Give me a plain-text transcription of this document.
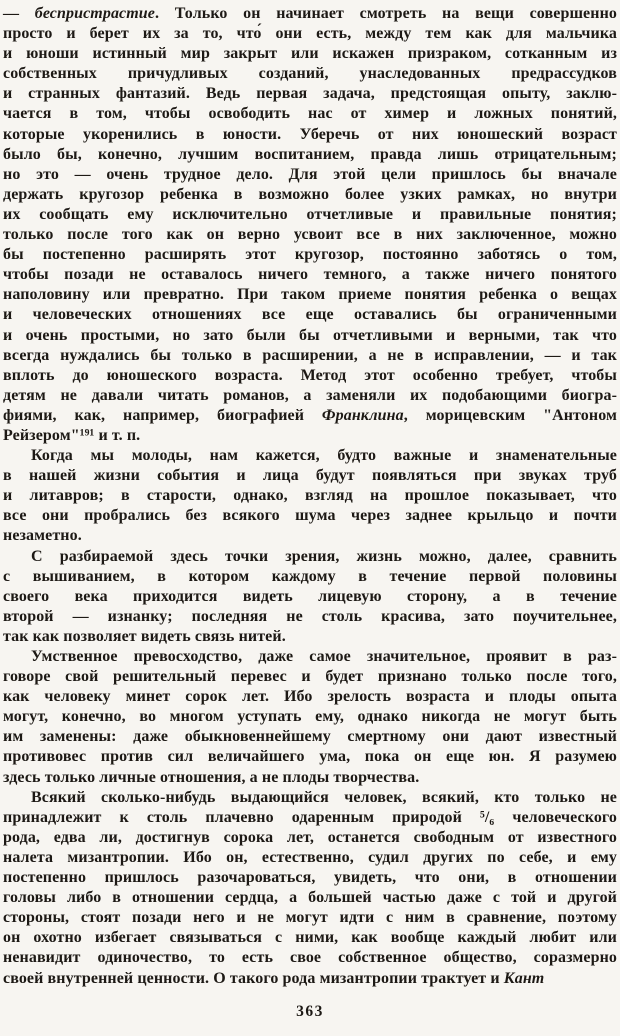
— беспристрастие. Только он начинает смотреть на вещи совершенно
просто и берет их за то, что́ они есть, между тем как для мальчика
и юноши истинный мир закрыт или искажен призраком, сотканным из
собственных причудливых созданий, унаследованных предрассудков
и странных фантазий. Ведь первая задача, предстоящая опыту, заклю-
чается в том, чтобы освободить нас от химер и ложных понятий,
которые укоренились в юности. Уберечь от них юношеский возраст
было бы, конечно, лучшим воспитанием, правда лишь отрицательным;
но это — очень трудное дело. Для этой цели пришлось бы вначале
держать кругозор ребенка в возможно более узких рамках, но внутри
их сообщать ему исключительно отчетливые и правильные понятия;
только после того как он верно усвоит все в них заключенное, можно
бы постепенно расширять этот кругозор, постоянно заботясь о том,
чтобы позади не оставалось ничего темного, а также ничего понятого
наполовину или превратно. При таком приеме понятия ребенка о вещах
и человеческих отношениях все еще оставались бы ограниченными
и очень простыми, но зато были бы отчетливыми и верными, так что
всегда нуждались бы только в расширении, а не в исправлении, — и так
вплоть до юношеского возраста. Метод этот особенно требует, чтобы
детям не давали читать романов, а заменяли их подобающими биогра-
фиями, как, например, биографией Франклина, морицевским "Антоном
Рейзером"¹⁹¹ и т. п.
Когда мы молоды, нам кажется, будто важные и знаменательные
в нашей жизни события и лица будут появляться при звуках труб
и литавров; в старости, однако, взгляд на прошлое показывает, что
все они пробрались без всякого шума через заднее крыльцо и почти
незаметно.
С разбираемой здесь точки зрения, жизнь можно, далее, сравнить
с вышиванием, в котором каждому в течение первой половины
своего века приходится видеть лицевую сторону, а в течение
второй — изнанку; последняя не столь красива, зато поучительнее,
так как позволяет видеть связь нитей.
Умственное превосходство, даже самое значительное, проявит в раз-
говоре свой решительный перевес и будет признано только после того,
как человеку минет сорок лет. Ибо зрелость возраста и плоды опыта
могут, конечно, во многом уступать ему, однако никогда не могут быть
им заменены: даже обыкновеннейшему смертному они дают известный
противовес против сил величайшего ума, пока он еще юн. Я разумею
здесь только личные отношения, а не плоды творчества.
Всякий сколько-нибудь выдающийся человек, всякий, кто только не
принадлежит к столь плачевно одаренным природой ⁵/₆ человеческого
рода, едва ли, достигнув сорока лет, останется свободным от известного
налета мизантропии. Ибо он, естественно, судил других по себе, и ему
постепенно пришлось разочароваться, увидеть, что они, в отношении
головы либо в отношении сердца, а большей частью даже с той и другой
стороны, стоят позади него и не могут идти с ним в сравнение, поэтому
он охотно избегает связываться с ними, как вообще каждый любит или
ненавидит одиночество, то есть свое собственное общество, соразмерно
своей внутренней ценности. О такого рода мизантропии трактует и Кант
363
